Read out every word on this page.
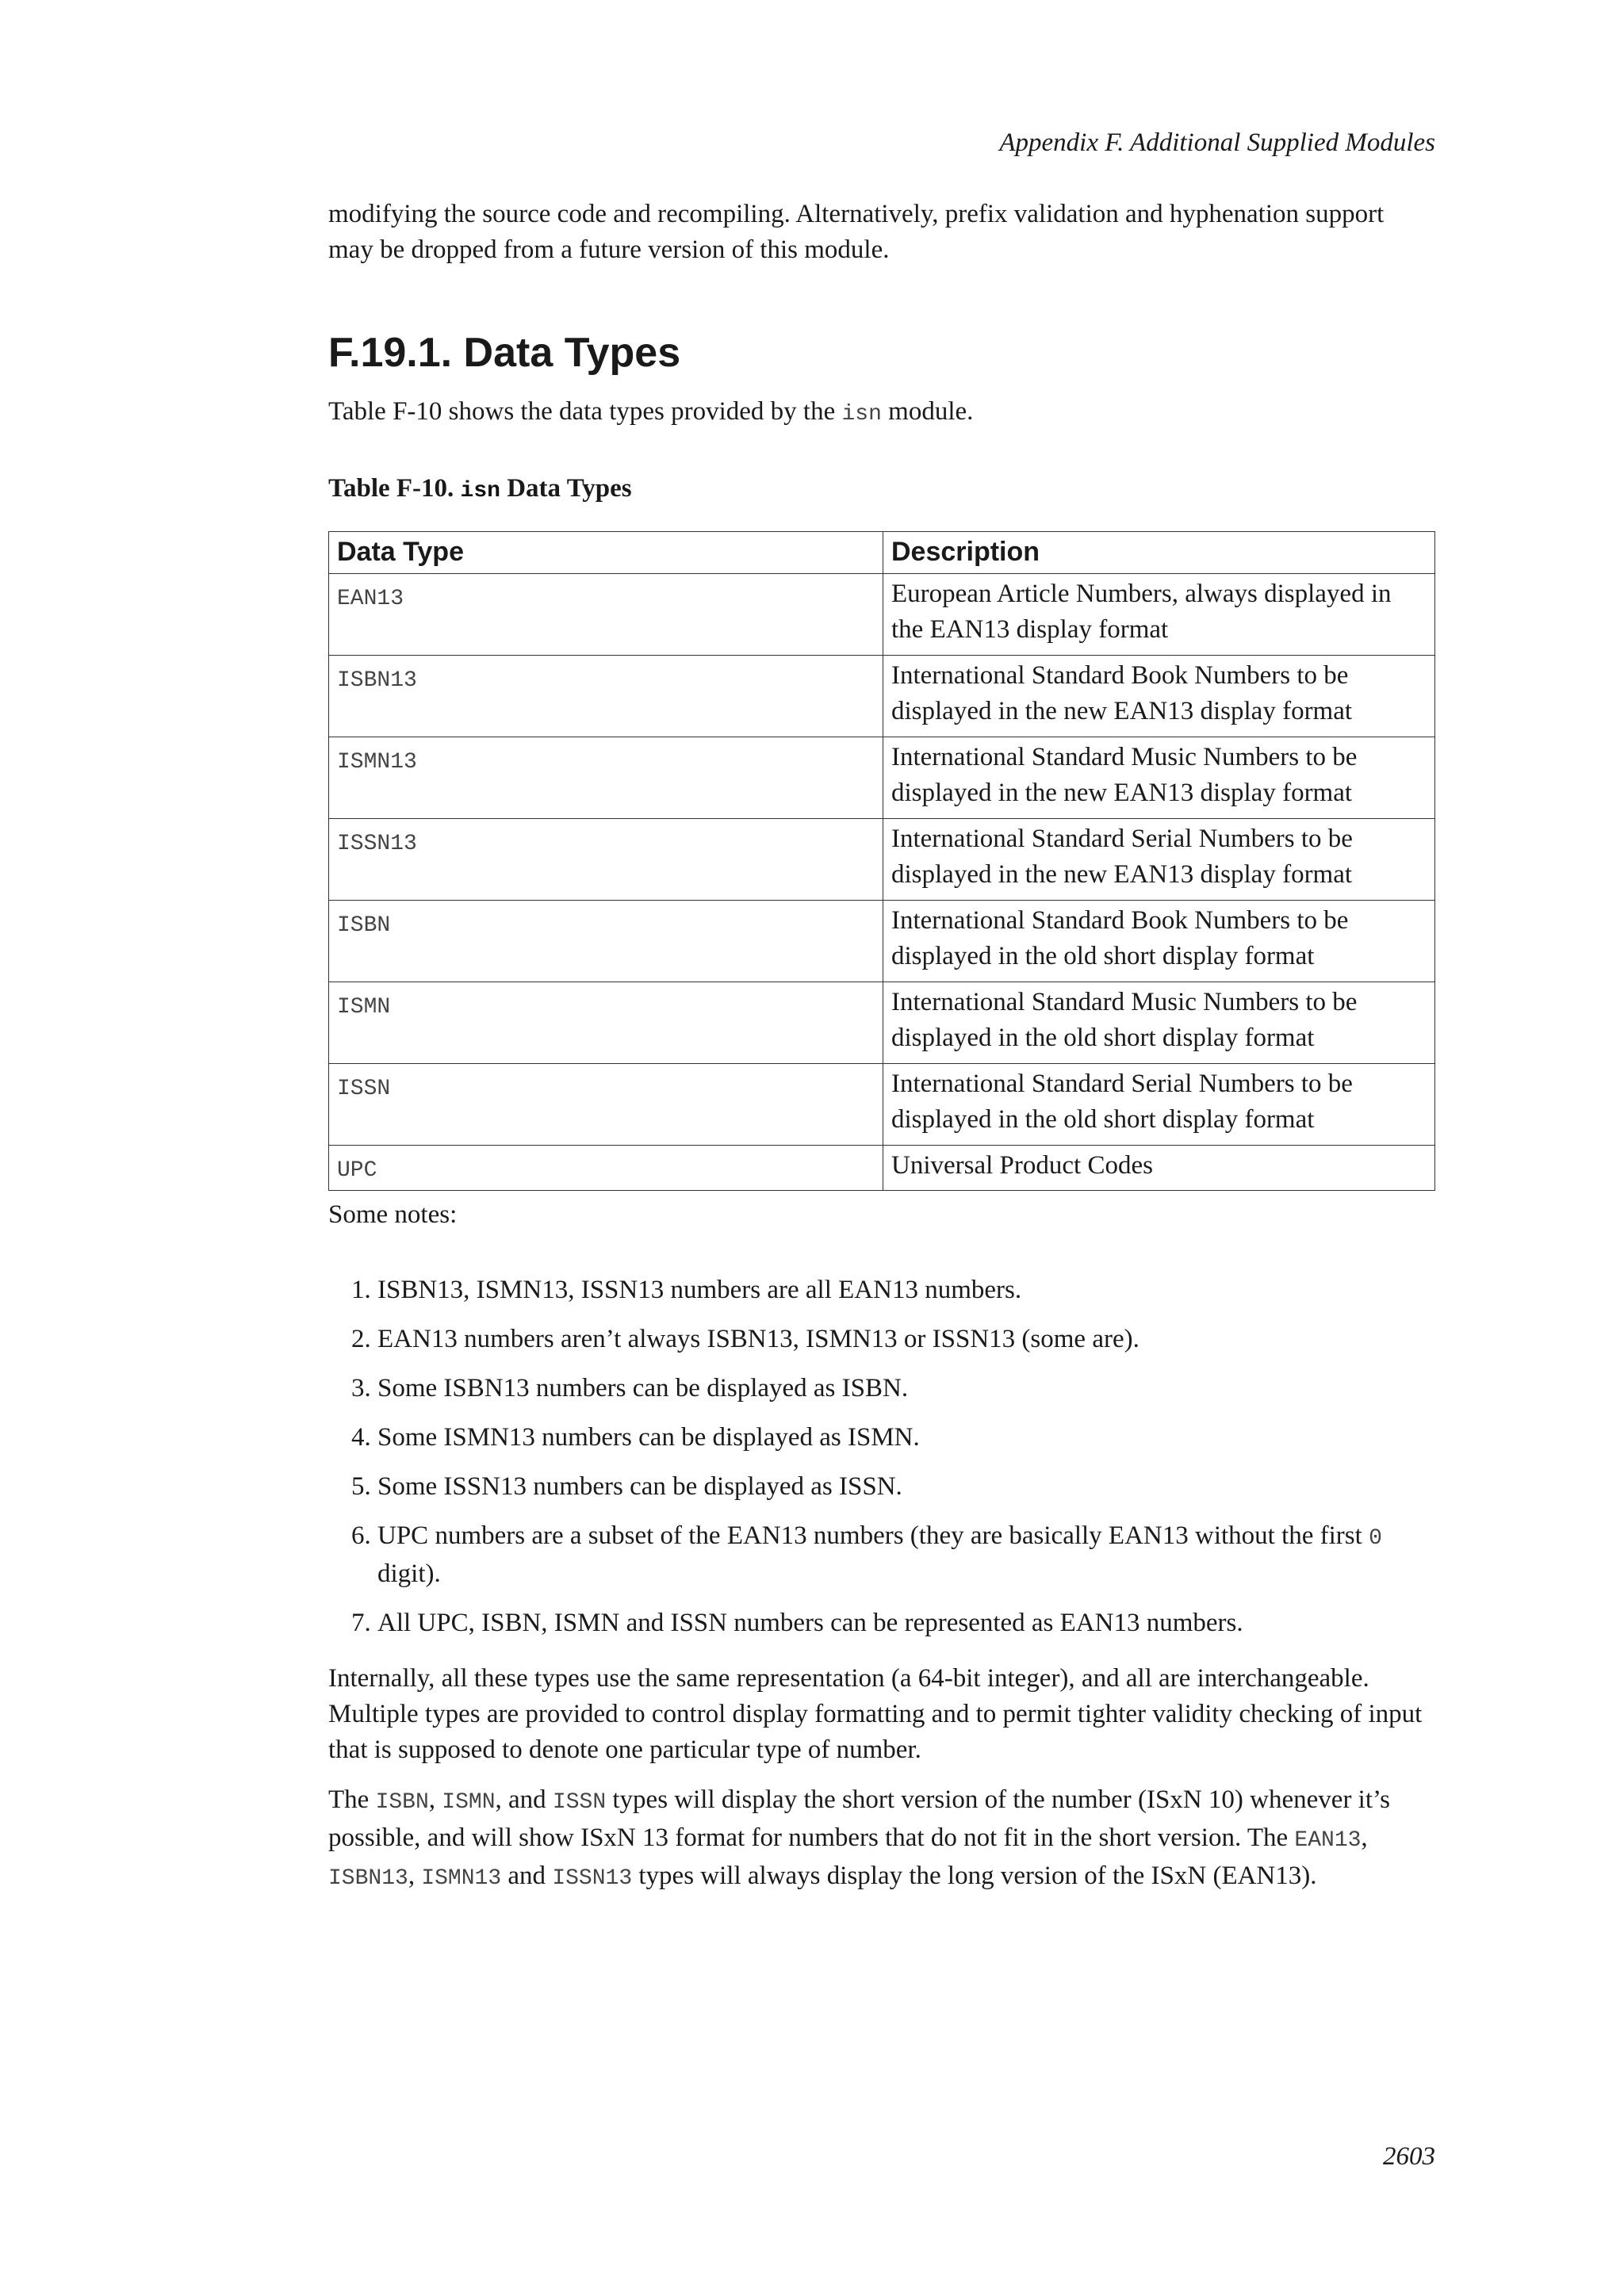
Appendix F. Additional Supplied Modules

modifying the source code and recompiling. Alternatively, prefix validation and hyphenation support may be dropped from a future version of this module.

F.19.1. Data Types

Table F-10 shows the data types provided by the isn module.

Table F-10. isn Data Types
Data Type	Description
EAN13	European Article Numbers, always displayed in the EAN13 display format
ISBN13	International Standard Book Numbers to be displayed in the new EAN13 display format
ISMN13	International Standard Music Numbers to be displayed in the new EAN13 display format
ISSN13	International Standard Serial Numbers to be displayed in the new EAN13 display format
ISBN	International Standard Book Numbers to be displayed in the old short display format
ISMN	International Standard Music Numbers to be displayed in the old short display format
ISSN	International Standard Serial Numbers to be displayed in the old short display format
UPC	Universal Product Codes

Some notes:

1. ISBN13, ISMN13, ISSN13 numbers are all EAN13 numbers.
2. EAN13 numbers aren’t always ISBN13, ISMN13 or ISSN13 (some are).
3. Some ISBN13 numbers can be displayed as ISBN.
4. Some ISMN13 numbers can be displayed as ISMN.
5. Some ISSN13 numbers can be displayed as ISSN.
6. UPC numbers are a subset of the EAN13 numbers (they are basically EAN13 without the first 0 digit).
7. All UPC, ISBN, ISMN and ISSN numbers can be represented as EAN13 numbers.

Internally, all these types use the same representation (a 64-bit integer), and all are interchangeable. Multiple types are provided to control display formatting and to permit tighter validity checking of input that is supposed to denote one particular type of number.

The ISBN, ISMN, and ISSN types will display the short version of the number (ISxN 10) whenever it’s possible, and will show ISxN 13 format for numbers that do not fit in the short version. The EAN13, ISBN13, ISMN13 and ISSN13 types will always display the long version of the ISxN (EAN13).

2603
